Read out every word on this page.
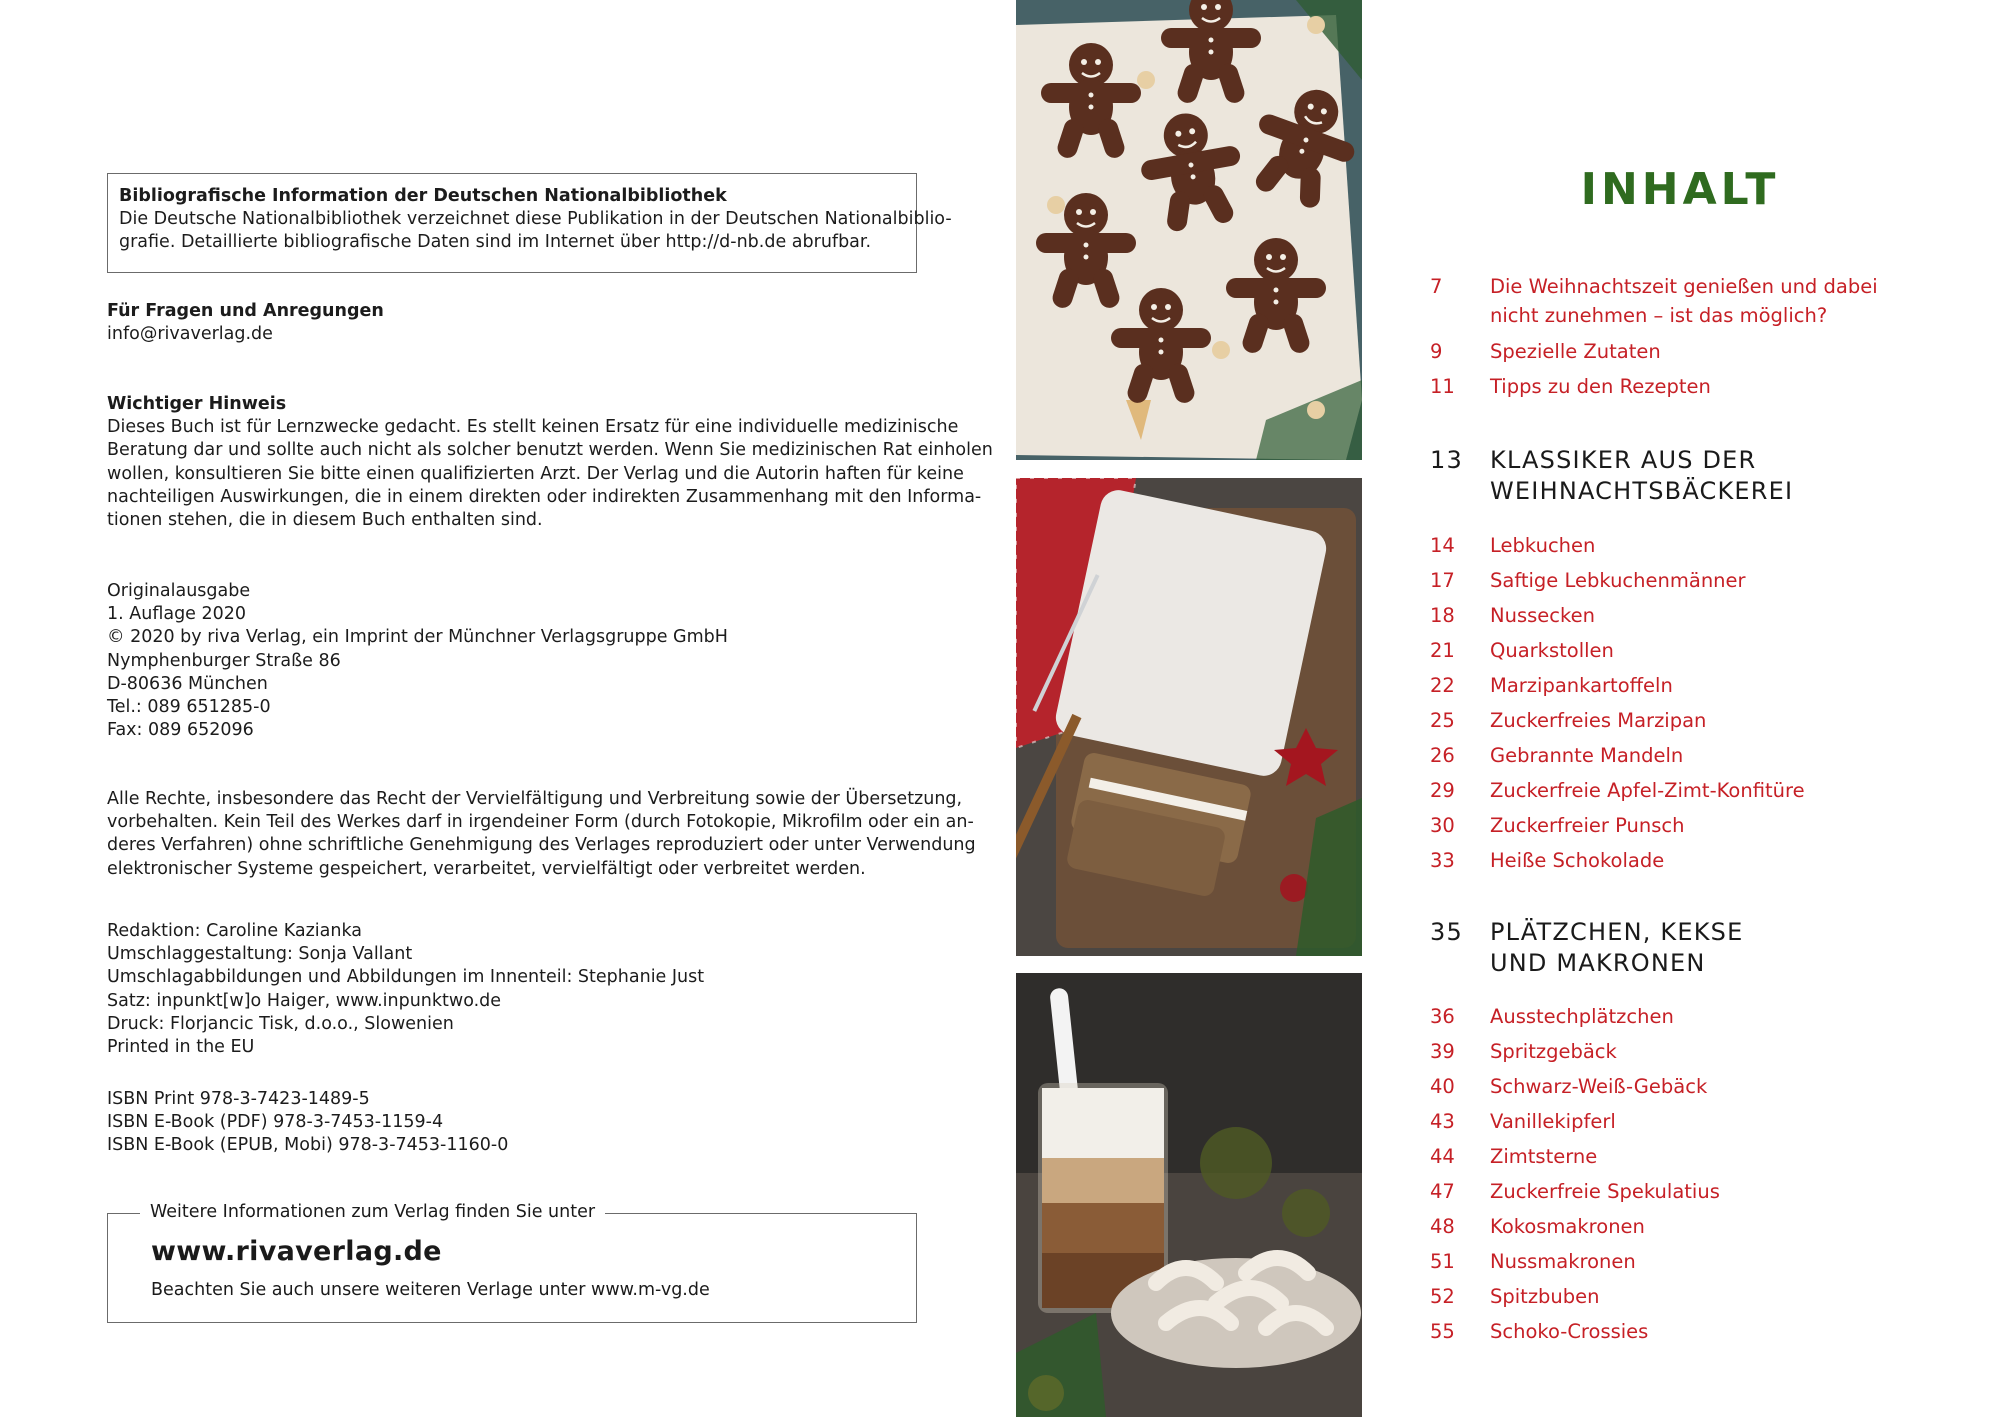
Bibliografische Information der Deutschen Nationalbibliothek
Die Deutsche Nationalbibliothek verzeichnet diese Publikation in der Deutschen Nationalbiblio-
grafie. Detaillierte bibliografische Daten sind im Internet über http://d-nb.de abrufbar.
Für Fragen und Anregungen
info@rivaverlag.de
Wichtiger Hinweis
Dieses Buch ist für Lernzwecke gedacht. Es stellt keinen Ersatz für eine individuelle medizinische
Beratung dar und sollte auch nicht als solcher benutzt werden. Wenn Sie medizinischen Rat einholen
wollen, konsultieren Sie bitte einen qualifizierten Arzt. Der Verlag und die Autorin haften für keine
nachteiligen Auswirkungen, die in einem direkten oder indirekten Zusammenhang mit den Informa-
tionen stehen, die in diesem Buch enthalten sind.
Originalausgabe
1. Auflage 2020
© 2020 by riva Verlag, ein Imprint der Münchner Verlagsgruppe GmbH
Nymphenburger Straße 86
D-80636 München
Tel.: 089 651285-0
Fax: 089 652096
Alle Rechte, insbesondere das Recht der Vervielfältigung und Verbreitung sowie der Übersetzung,
vorbehalten. Kein Teil des Werkes darf in irgendeiner Form (durch Fotokopie, Mikrofilm oder ein an-
deres Verfahren) ohne schriftliche Genehmigung des Verlages reproduziert oder unter Verwendung
elektronischer Systeme gespeichert, verarbeitet, vervielfältigt oder verbreitet werden.
Redaktion: Caroline Kazianka
Umschlaggestaltung: Sonja Vallant
Umschlagabbildungen und Abbildungen im Innenteil: Stephanie Just
Satz: inpunkt[w]o Haiger, www.inpunktwo.de
Druck: Florjancic Tisk, d.o.o., Slowenien
Printed in the EU
ISBN Print 978-3-7423-1489-5
ISBN E-Book (PDF) 978-3-7453-1159-4
ISBN E-Book (EPUB, Mobi) 978-3-7453-1160-0
Weitere Informationen zum Verlag finden Sie unter
www.rivaverlag.de
Beachten Sie auch unsere weiteren Verlage unter www.m-vg.de
INHALT
7	Die Weihnachtszeit genießen und dabei
nicht zunehmen – ist das möglich?
9	Spezielle Zutaten
11	Tipps zu den Rezepten
13	KLASSIKER AUS DER
WEIHNACHTSBÄCKEREI
14	Lebkuchen
17	Saftige Lebkuchenmänner
18	Nussecken
21	Quarkstollen
22	Marzipankartoffeln
25	Zuckerfreies Marzipan
26	Gebrannte Mandeln
29	Zuckerfreie Apfel-Zimt-Konfitüre
30	Zuckerfreier Punsch
33	Heiße Schokolade
35	PLÄTZCHEN, KEKSE
UND MAKRONEN
36	Ausstechplätzchen
39	Spritzgebäck
40	Schwarz-Weiß-Gebäck
43	Vanillekipferl
44	Zimtsterne
47	Zuckerfreie Spekulatius
48	Kokosmakronen
51	Nussmakronen
52	Spitzbuben
55	Schoko-Crossies
